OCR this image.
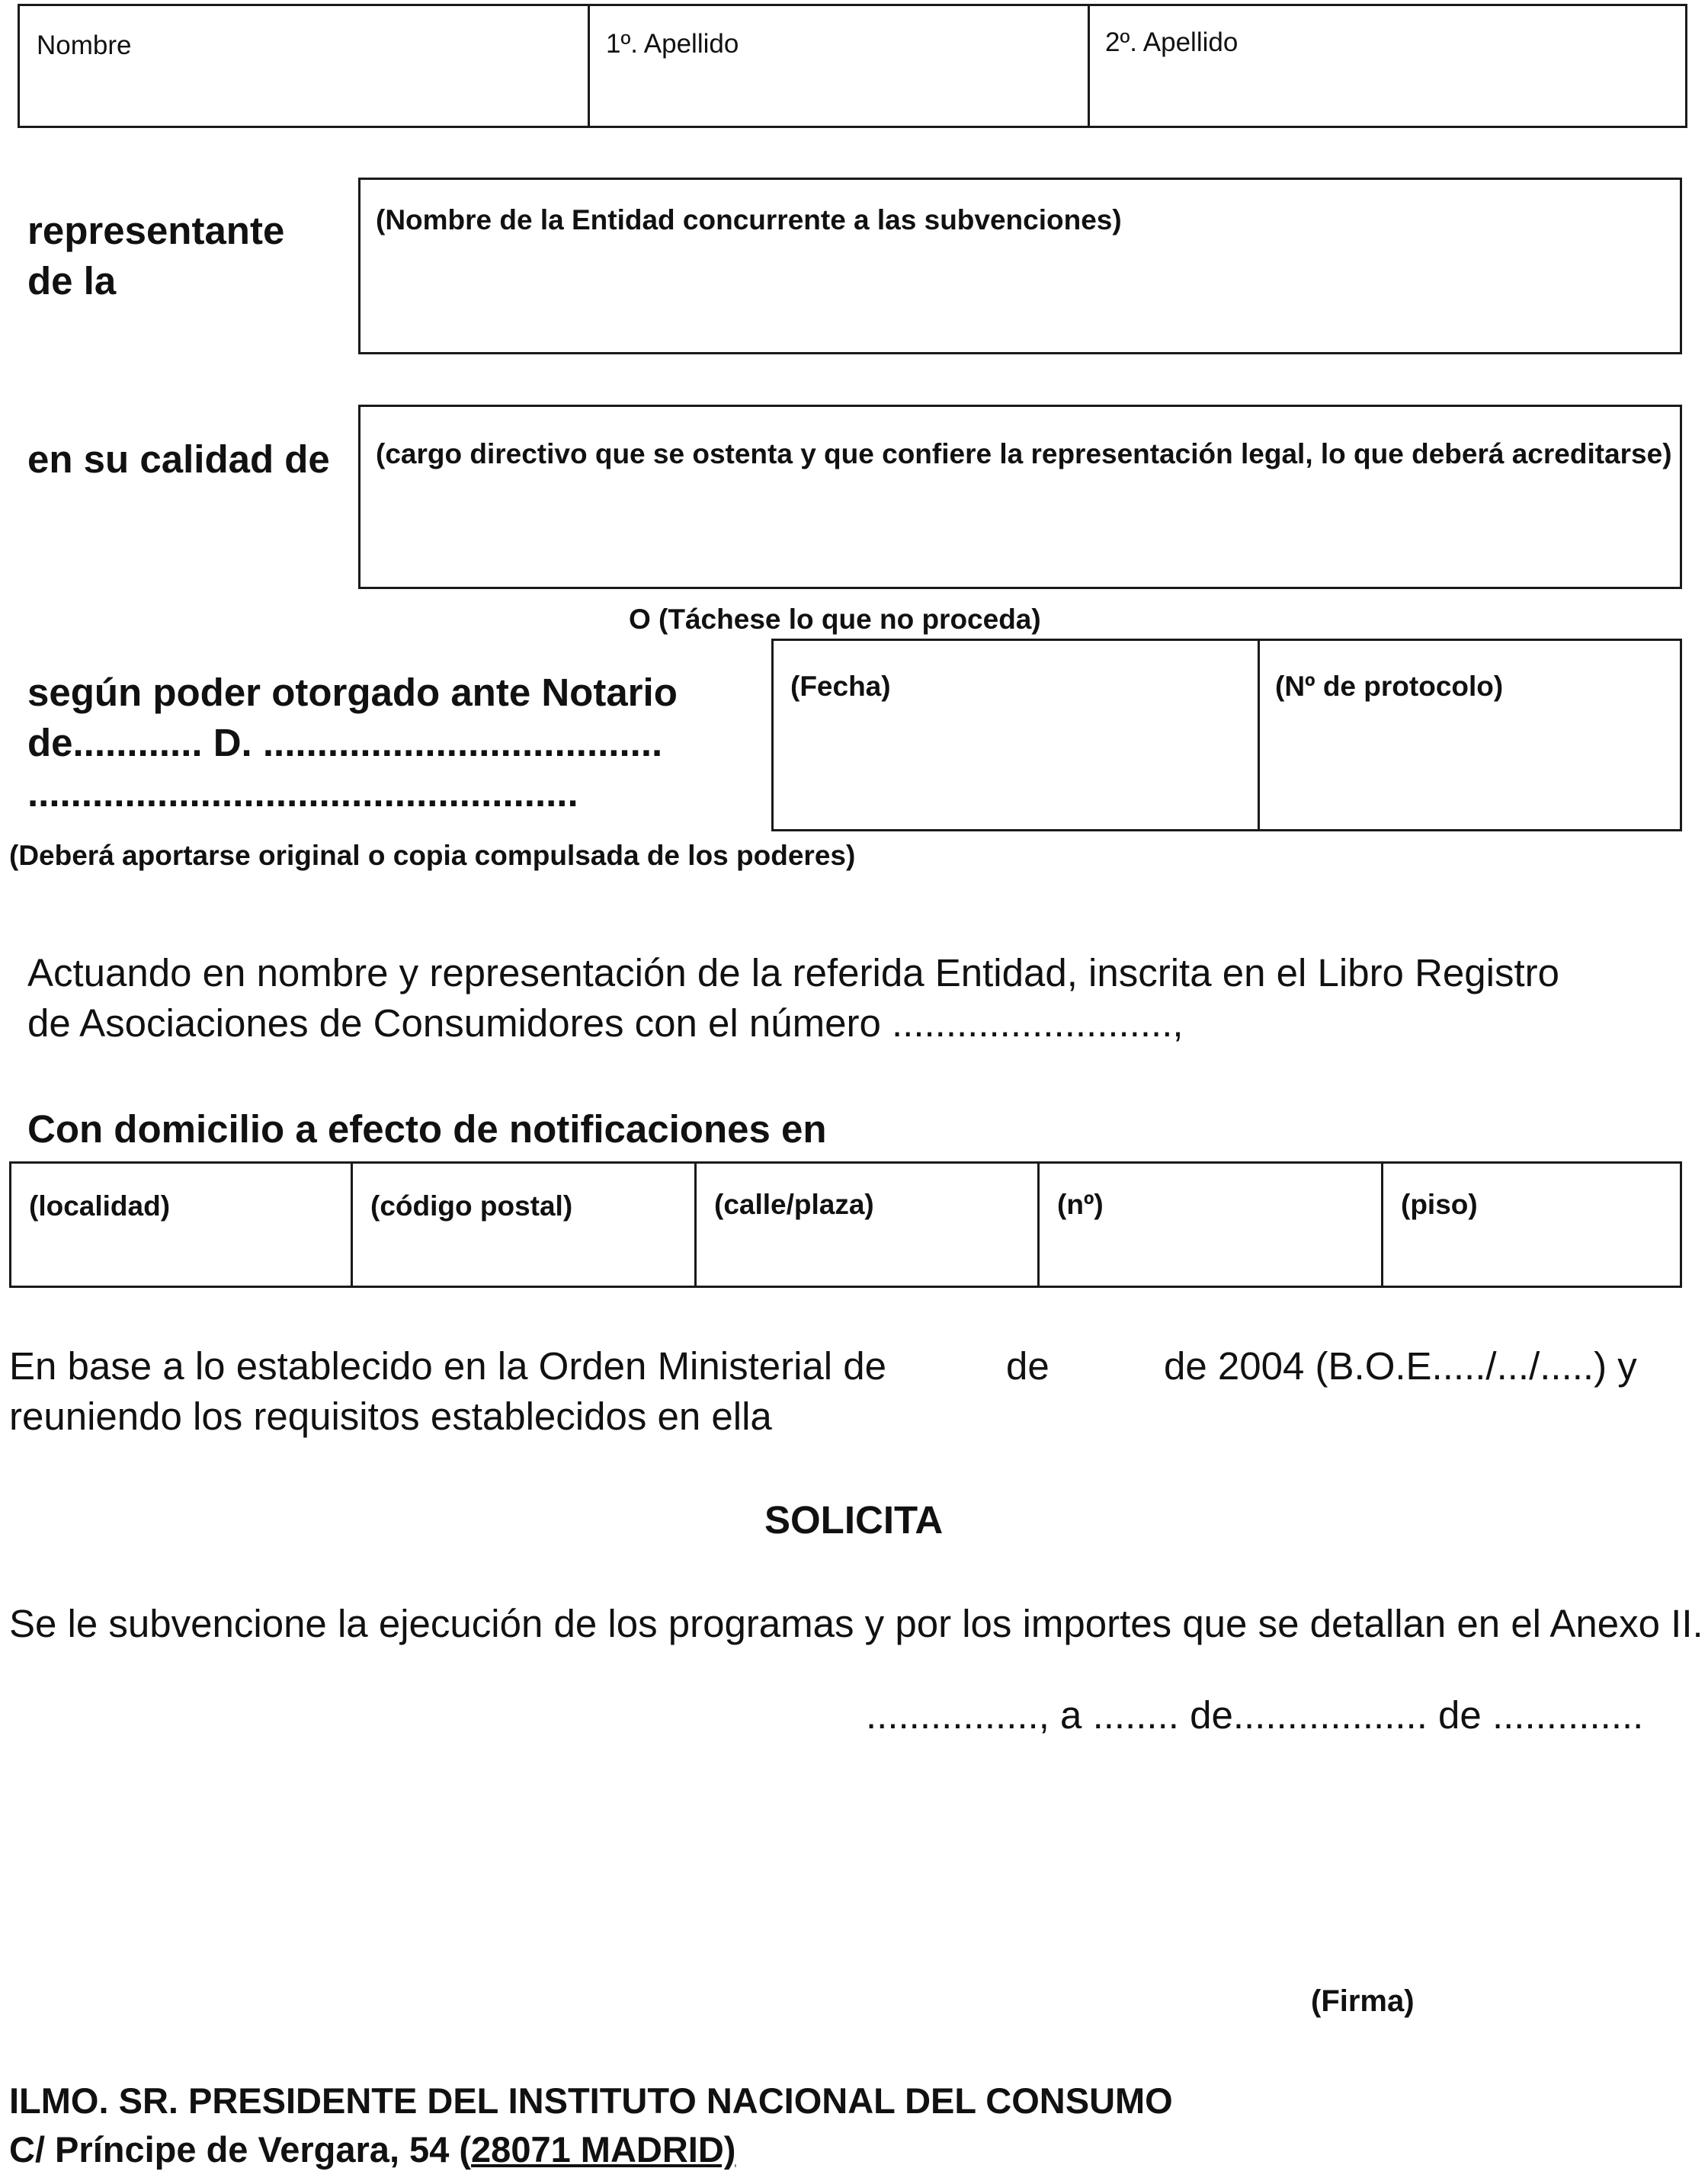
Nombre	1º. Apellido	2º. Apellido
representante
de la
(Nombre de la Entidad concurrente a las subvenciones)
en su calidad de (cargo directivo que se ostenta y que confiere la representación legal, lo que deberá acreditarse)
O (Táchese lo que no proceda)
según poder otorgado ante Notario
de............ D. .....................................
...................................................
(Fecha)	(Nº de protocolo)
(Deberá aportarse original o copia compulsada de los poderes)
Actuando en nombre y representación de la referida Entidad, inscrita en el Libro Registro
de Asociaciones de Consumidores con el número ..........................,
Con domicilio a efecto de notificaciones en
(localidad)	(código postal)	(calle/plaza)	(nº)	(piso)
En base a lo establecido en la Orden Ministerial de	de	de 2004 (B.O.E...../.../.....) y
reuniendo los requisitos establecidos en ella
SOLICITA
Se le subvencione la ejecución de los programas y por los importes que se detallan en el Anexo II.
................, a ........ de.................. de ..............
(Firma)
ILMO. SR. PRESIDENTE DEL INSTITUTO NACIONAL DEL CONSUMO
C/ Príncipe de Vergara, 54 (28071 MADRID)
